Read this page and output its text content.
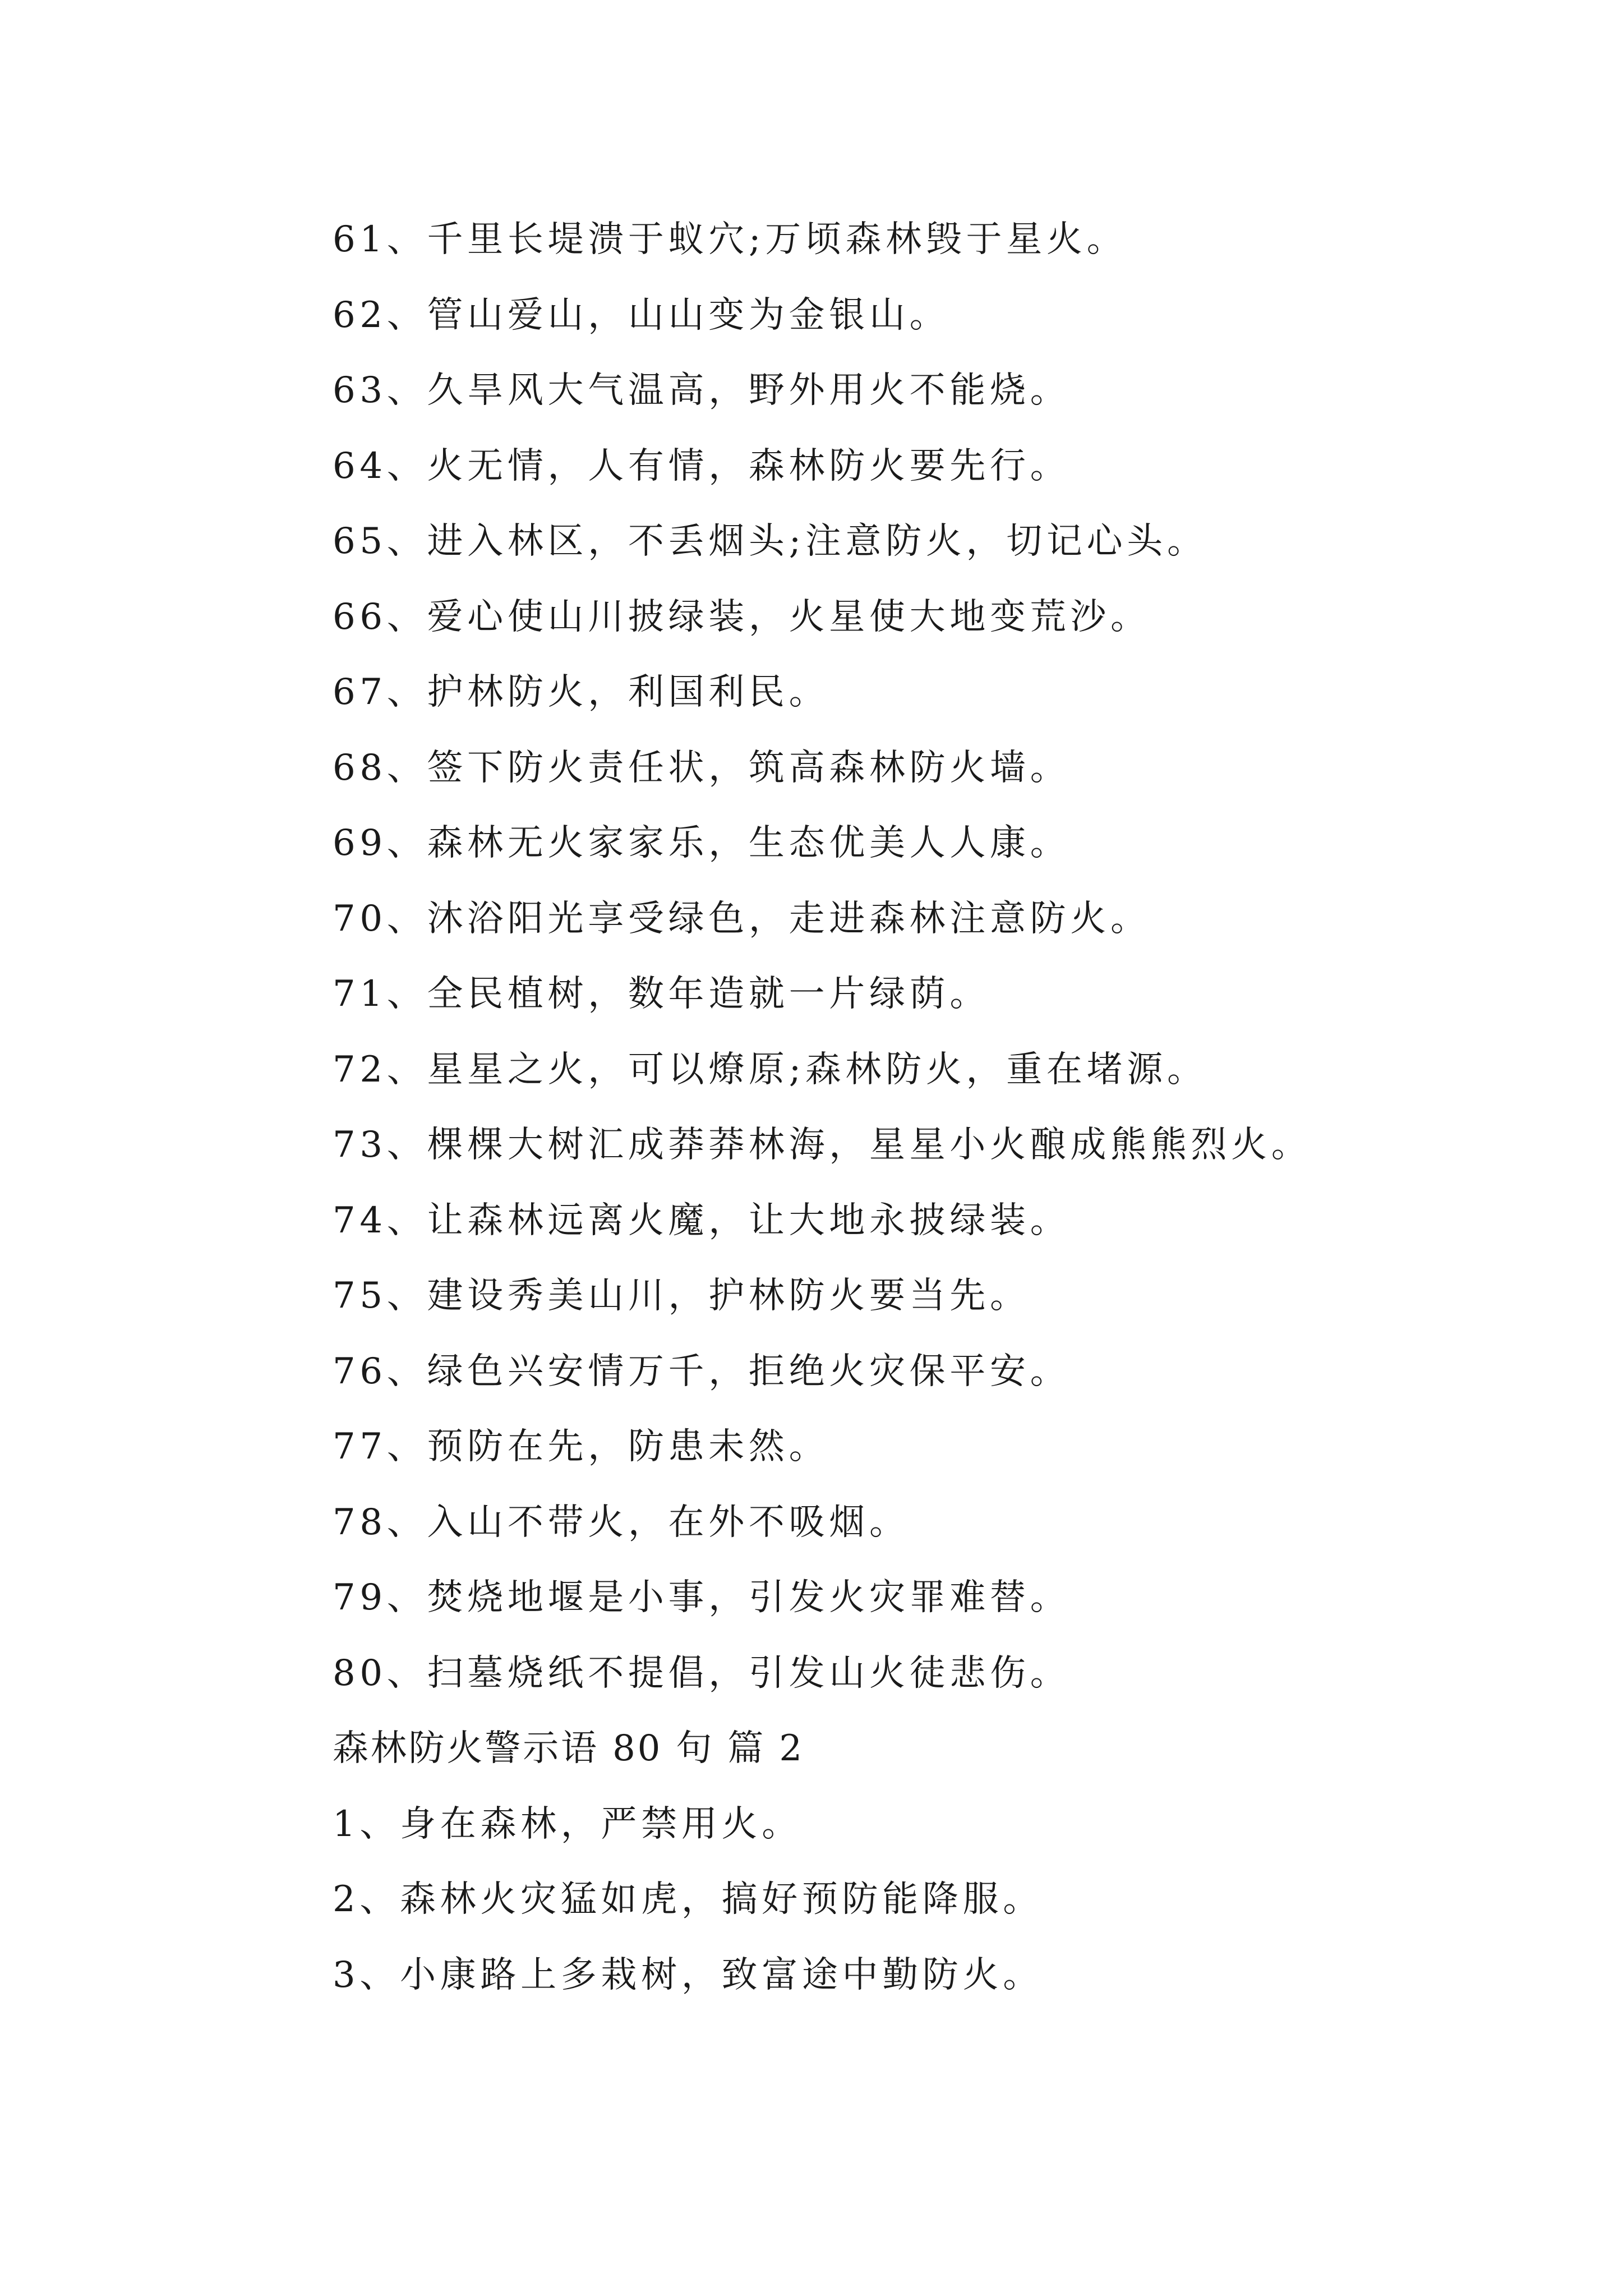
61、千里长堤溃于蚁穴;万顷森林毁于星火。
62、管山爱山，山山变为金银山。
63、久旱风大气温高，野外用火不能烧。
64、火无情，人有情，森林防火要先行。
65、进入林区，不丢烟头;注意防火，切记心头。
66、爱心使山川披绿装，火星使大地变荒沙。
67、护林防火，利国利民。
68、签下防火责任状，筑高森林防火墙。
69、森林无火家家乐，生态优美人人康。
70、沐浴阳光享受绿色，走进森林注意防火。
71、全民植树，数年造就一片绿荫。
72、星星之火，可以燎原;森林防火，重在堵源。
73、棵棵大树汇成莽莽林海，星星小火酿成熊熊烈火。
74、让森林远离火魔，让大地永披绿装。
75、建设秀美山川，护林防火要当先。
76、绿色兴安情万千，拒绝火灾保平安。
77、预防在先，防患未然。
78、入山不带火，在外不吸烟。
79、焚烧地堰是小事，引发火灾罪难替。
80、扫墓烧纸不提倡，引发山火徒悲伤。
森林防火警示语 80 句 篇 2
1、身在森林，严禁用火。
2、森林火灾猛如虎，搞好预防能降服。
3、小康路上多栽树，致富途中勤防火。
